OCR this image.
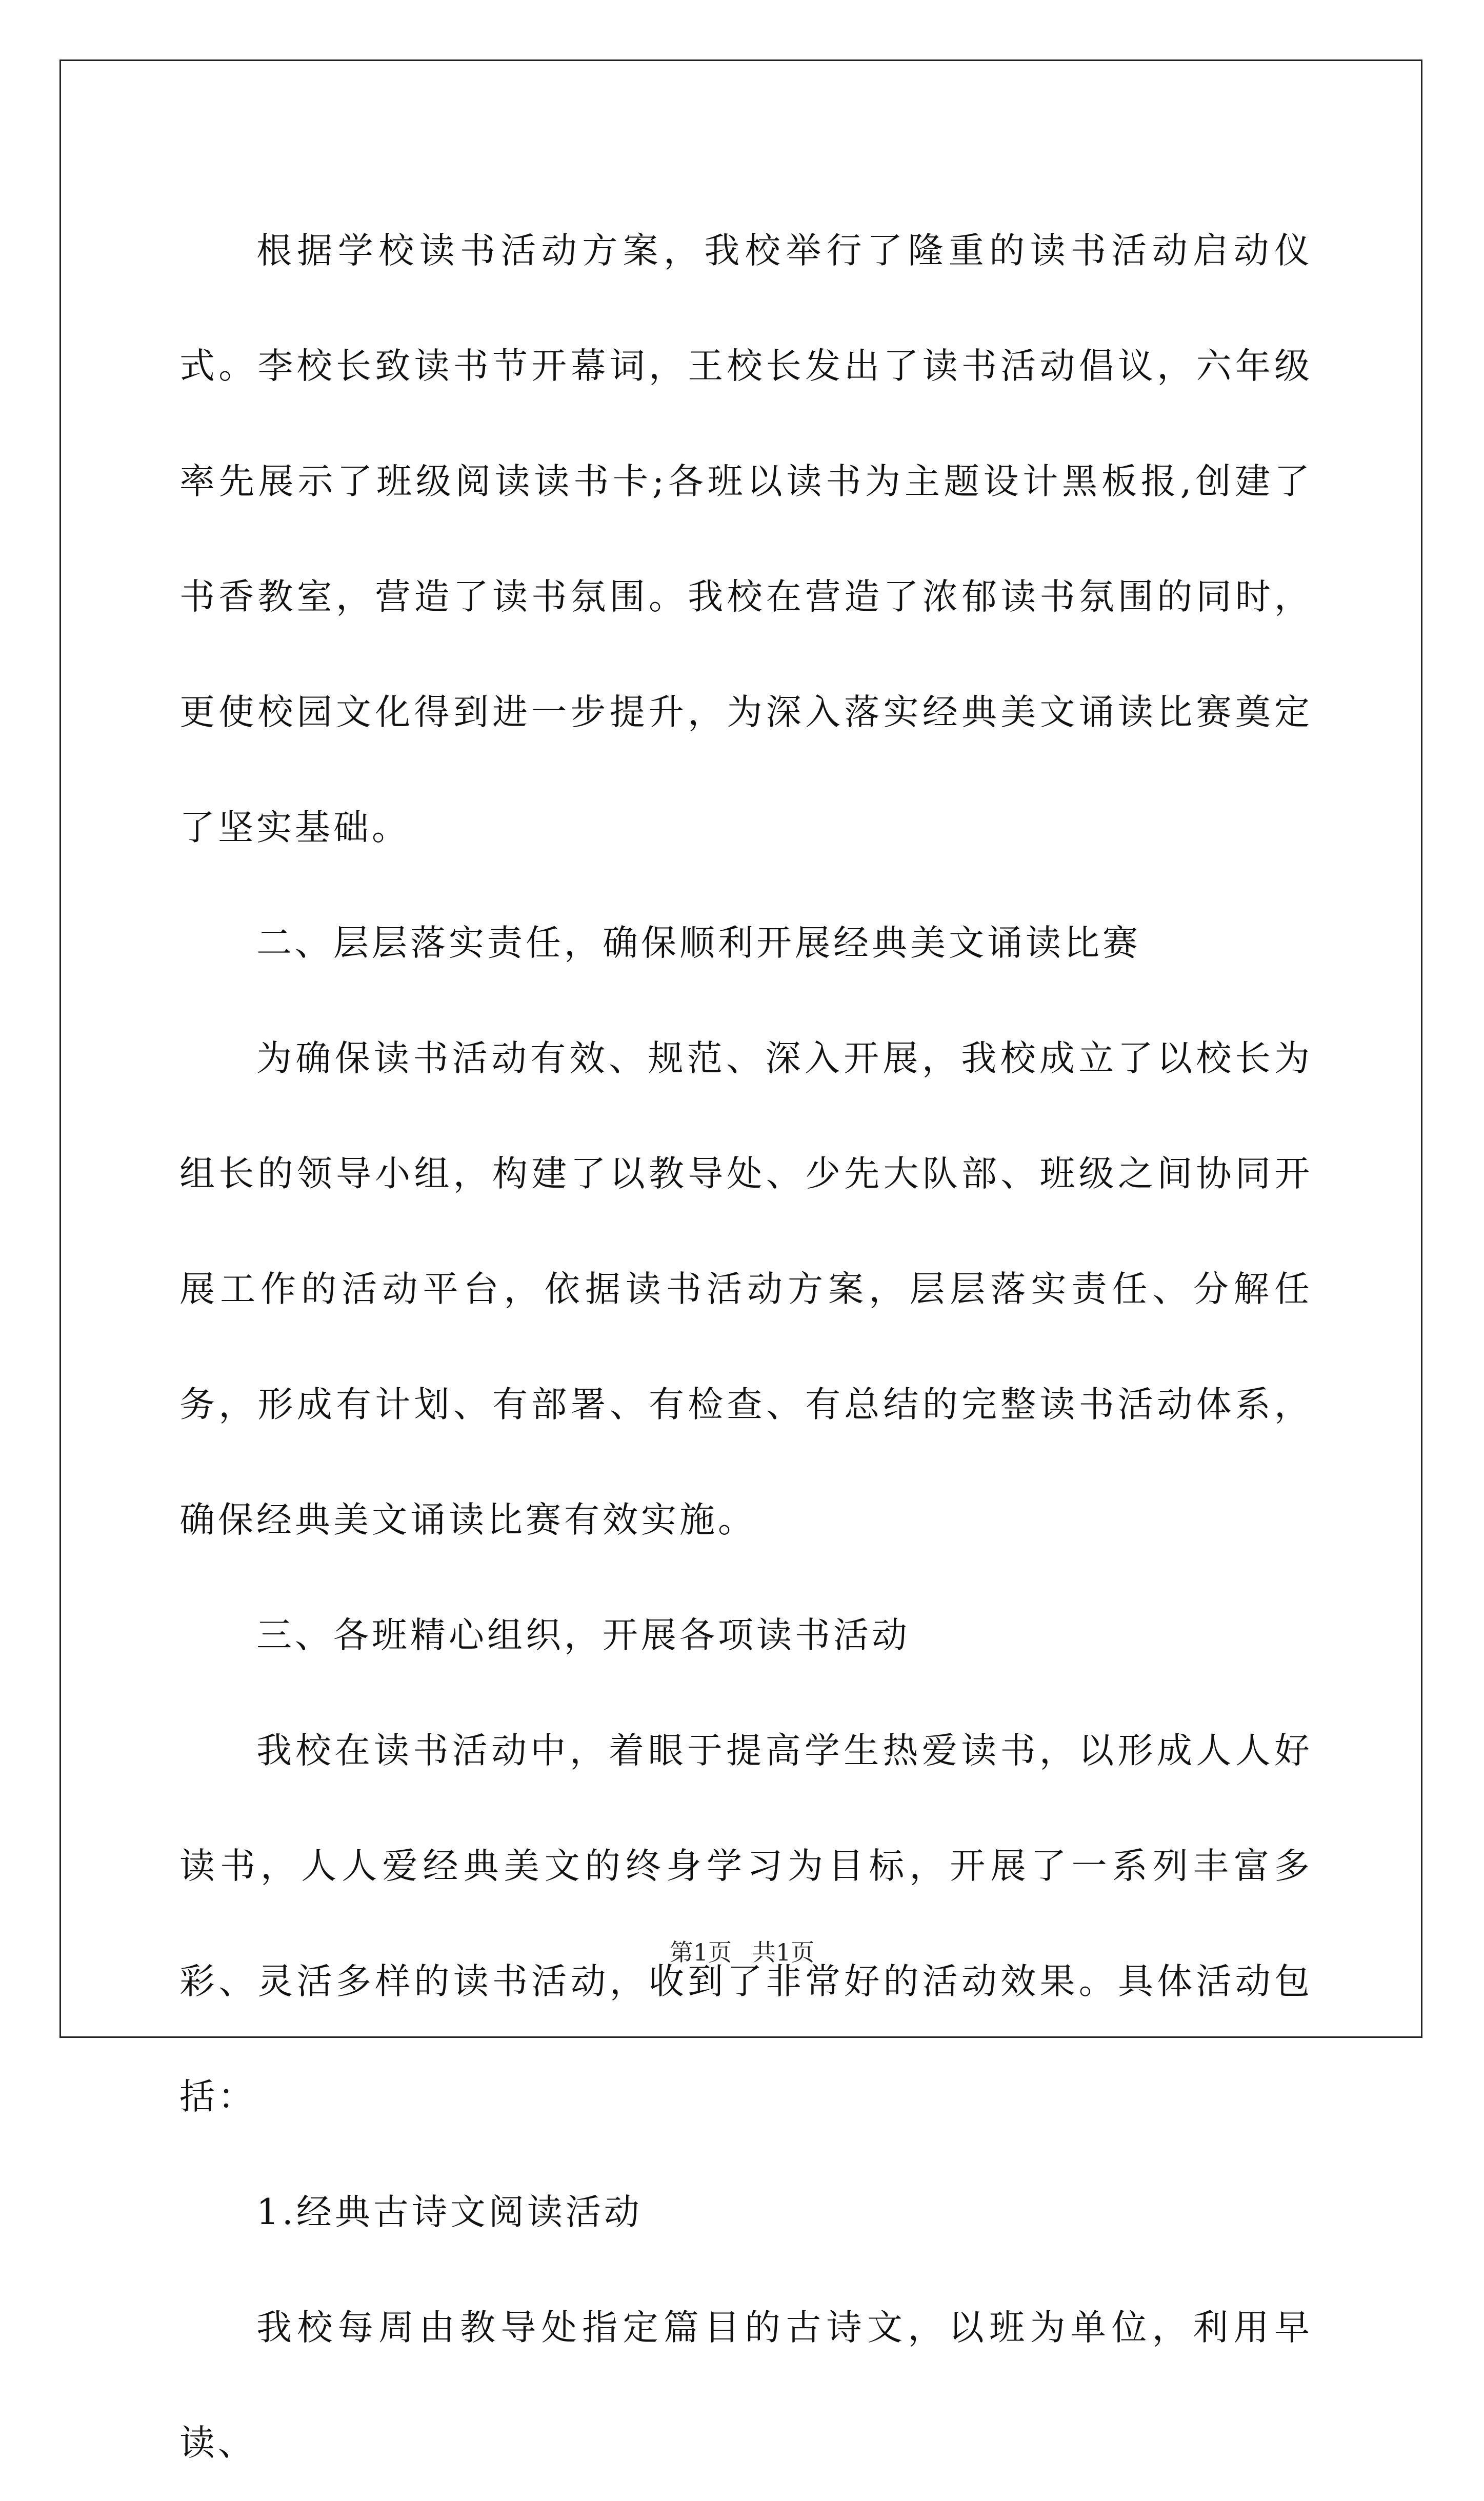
根据学校读书活动方案，我校举行了隆重的读书活动启动仪式。李校长致读书节开幕词，王校长发出了读书活动倡议，六年级率先展示了班级阅读读书卡;各班以读书为主题设计黑板报,创建了书香教室，营造了读书氛围。我校在营造了浓郁读书氛围的同时，更使校园文化得到进一步提升，为深入落实经典美文诵读比赛奠定了坚实基础。

二、层层落实责任，确保顺利开展经典美文诵读比赛

为确保读书活动有效、规范、深入开展，我校成立了以校长为组长的领导小组，构建了以教导处、少先大队部、班级之间协同开展工作的活动平台，依据读书活动方案，层层落实责任、分解任务，形成有计划、有部署、有检查、有总结的完整读书活动体系，确保经典美文诵读比赛有效实施。

三、各班精心组织，开展各项读书活动

我校在读书活动中，着眼于提高学生热爱读书，以形成人人好读书，人人爱经典美文的终身学习为目标，开展了一系列丰富多彩、灵活多样的读书活动，收到了非常好的活动效果。具体活动包括：

1.经典古诗文阅读活动

我校每周由教导处指定篇目的古诗文，以班为单位，利用早读、

第1页 共1页
